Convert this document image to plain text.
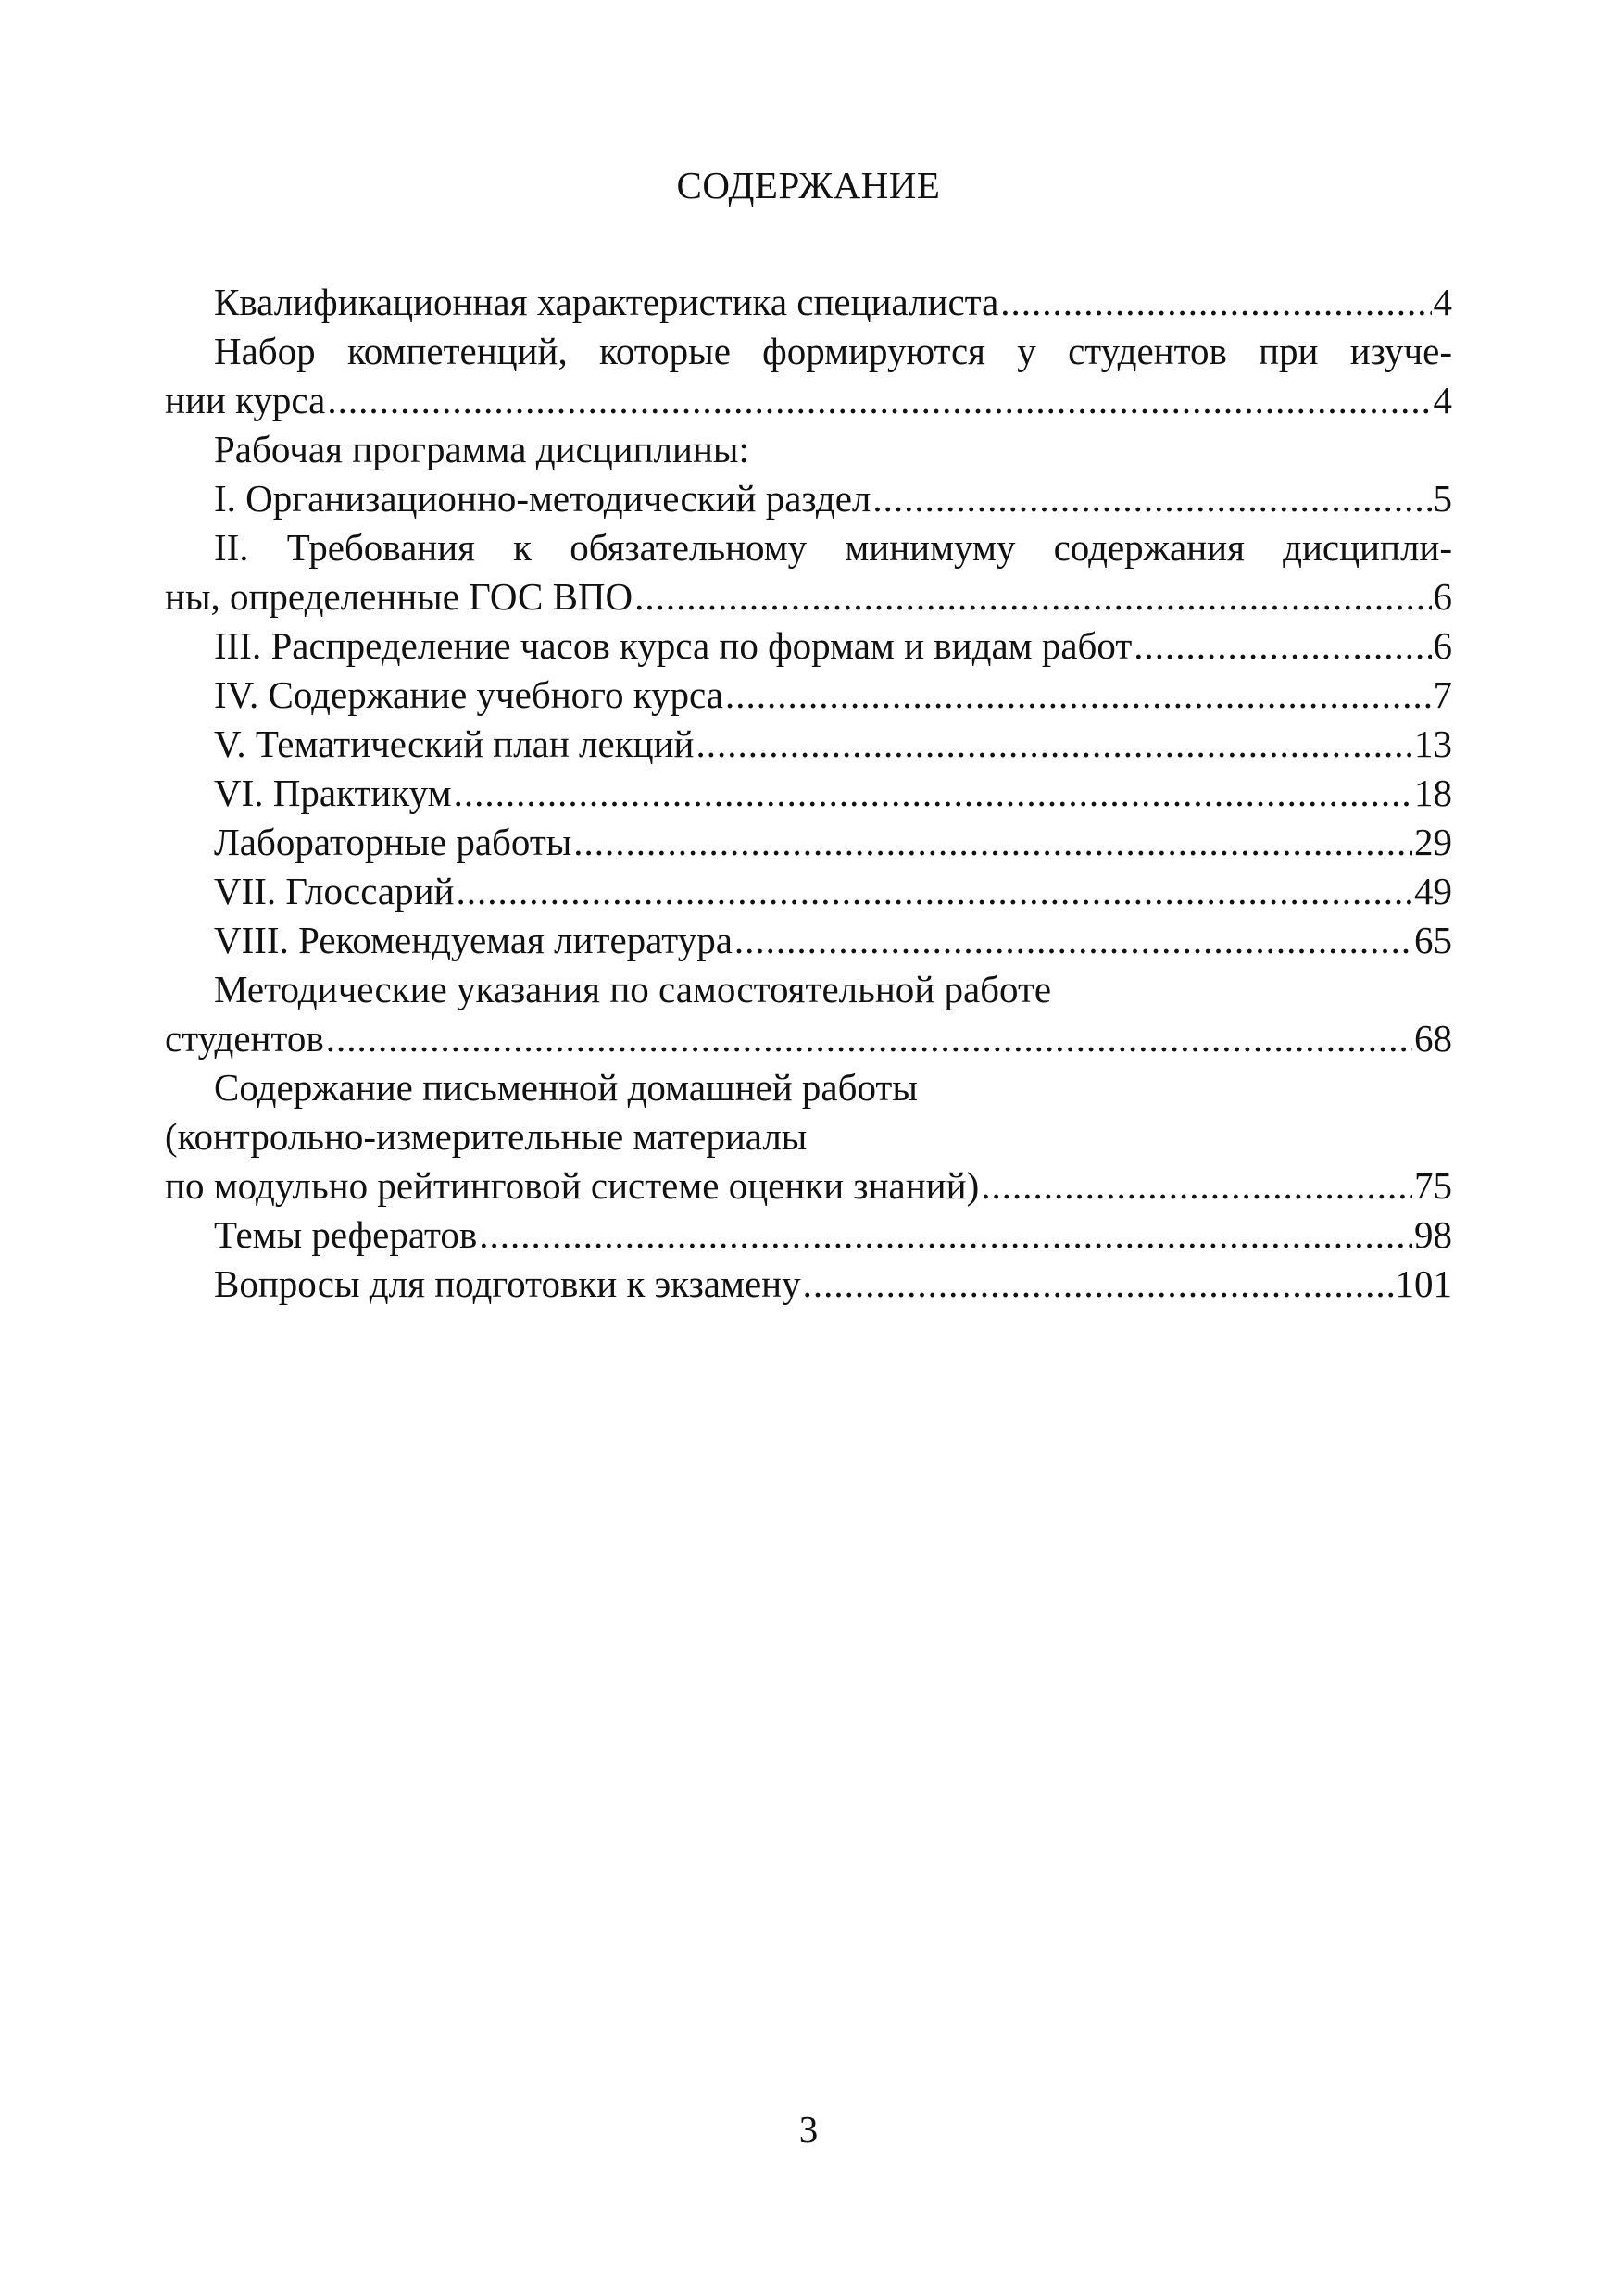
СОДЕРЖАНИЕ
Квалификационная характеристика специалиста .....	4
Набор компетенций, которые формируются у студентов при изуче-
нии курса .....	4
Рабочая программа дисциплины:
I. Организационно-методический раздел .....	5
II. Требования к обязательному минимуму содержания дисципли-
ны, определенные ГОС ВПО .....	6
III. Распределение часов курса по формам и видам работ .....	6
IV. Содержание учебного курса .....	7
V. Тематический план лекций .....	13
VI. Практикум .....	18
Лабораторные работы .....	29
VII. Глоссарий .....	49
VIII. Рекомендуемая литература .....	65
Методические указания по самостоятельной работе
студентов .....	68
Содержание письменной домашней работы
(контрольно-измерительные материалы
по модульно рейтинговой системе оценки знаний) .....	75
Темы рефератов .....	98
Вопросы для подготовки к экзамену .....	101
3
